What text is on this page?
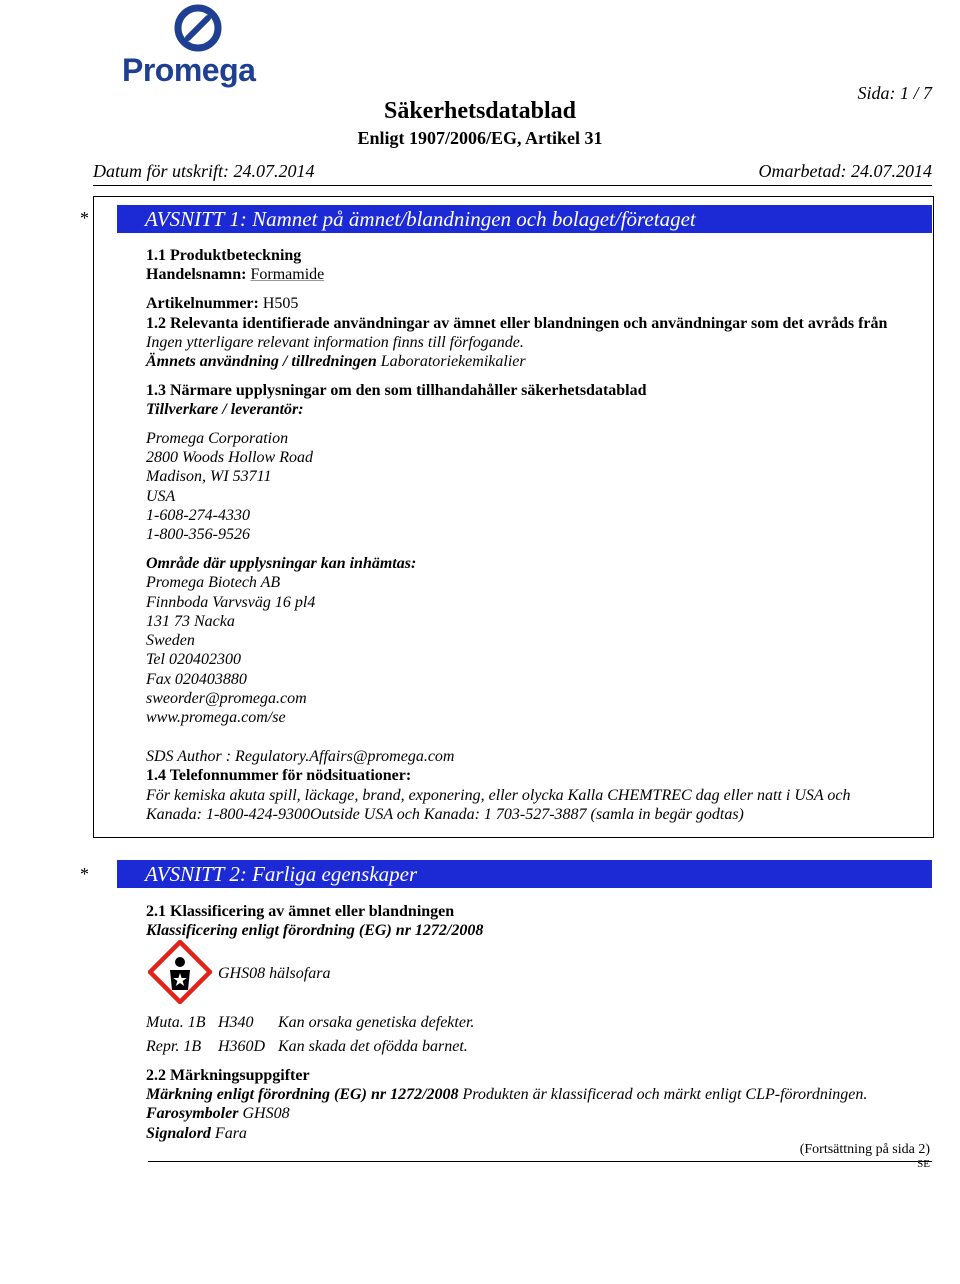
Promega
Sida: 1 / 7
Säkerhetsdatablad
Enligt 1907/2006/EG, Artikel 31
Datum för utskrift: 24.07.2014	Omarbetad: 24.07.2014
*	AVSNITT 1: Namnet på ämnet/blandningen och bolaget/företaget
1.1 Produktbeteckning
Handelsnamn: Formamide
Artikelnummer: H505
1.2 Relevanta identifierade användningar av ämnet eller blandningen och användningar som det avråds från
Ingen ytterligare relevant information finns till förfogande.
Ämnets användning / tillredningen Laboratoriekemikalier
1.3 Närmare upplysningar om den som tillhandahåller säkerhetsdatablad
Tillverkare / leverantör:
Promega Corporation
2800 Woods Hollow Road
Madison, WI 53711
USA
1-608-274-4330
1-800-356-9526
Område där upplysningar kan inhämtas:
Promega Biotech AB
Finnboda Varvsväg 16 pl4
131 73 Nacka
Sweden
Tel 020402300
Fax 020403880
sweorder@promega.com
www.promega.com/se
SDS Author : Regulatory.Affairs@promega.com
1.4 Telefonnummer för nödsituationer:
För kemiska akuta spill, läckage, brand, exponering, eller olycka Kalla CHEMTREC dag eller natt i USA och
Kanada: 1-800-424-9300Outside USA och Kanada: 1 703-527-3887 (samla in begär godtas)
*	AVSNITT 2: Farliga egenskaper
2.1 Klassificering av ämnet eller blandningen
Klassificering enligt förordning (EG) nr 1272/2008
GHS08 hälsofara
Muta. 1B H340 Kan orsaka genetiska defekter.
Repr. 1B H360D Kan skada det ofödda barnet.
2.2 Märkningsuppgifter
Märkning enligt förordning (EG) nr 1272/2008 Produkten är klassificerad och märkt enligt CLP-förordningen.
Farosymboler GHS08
Signalord Fara
(Fortsättning på sida 2)
SE
